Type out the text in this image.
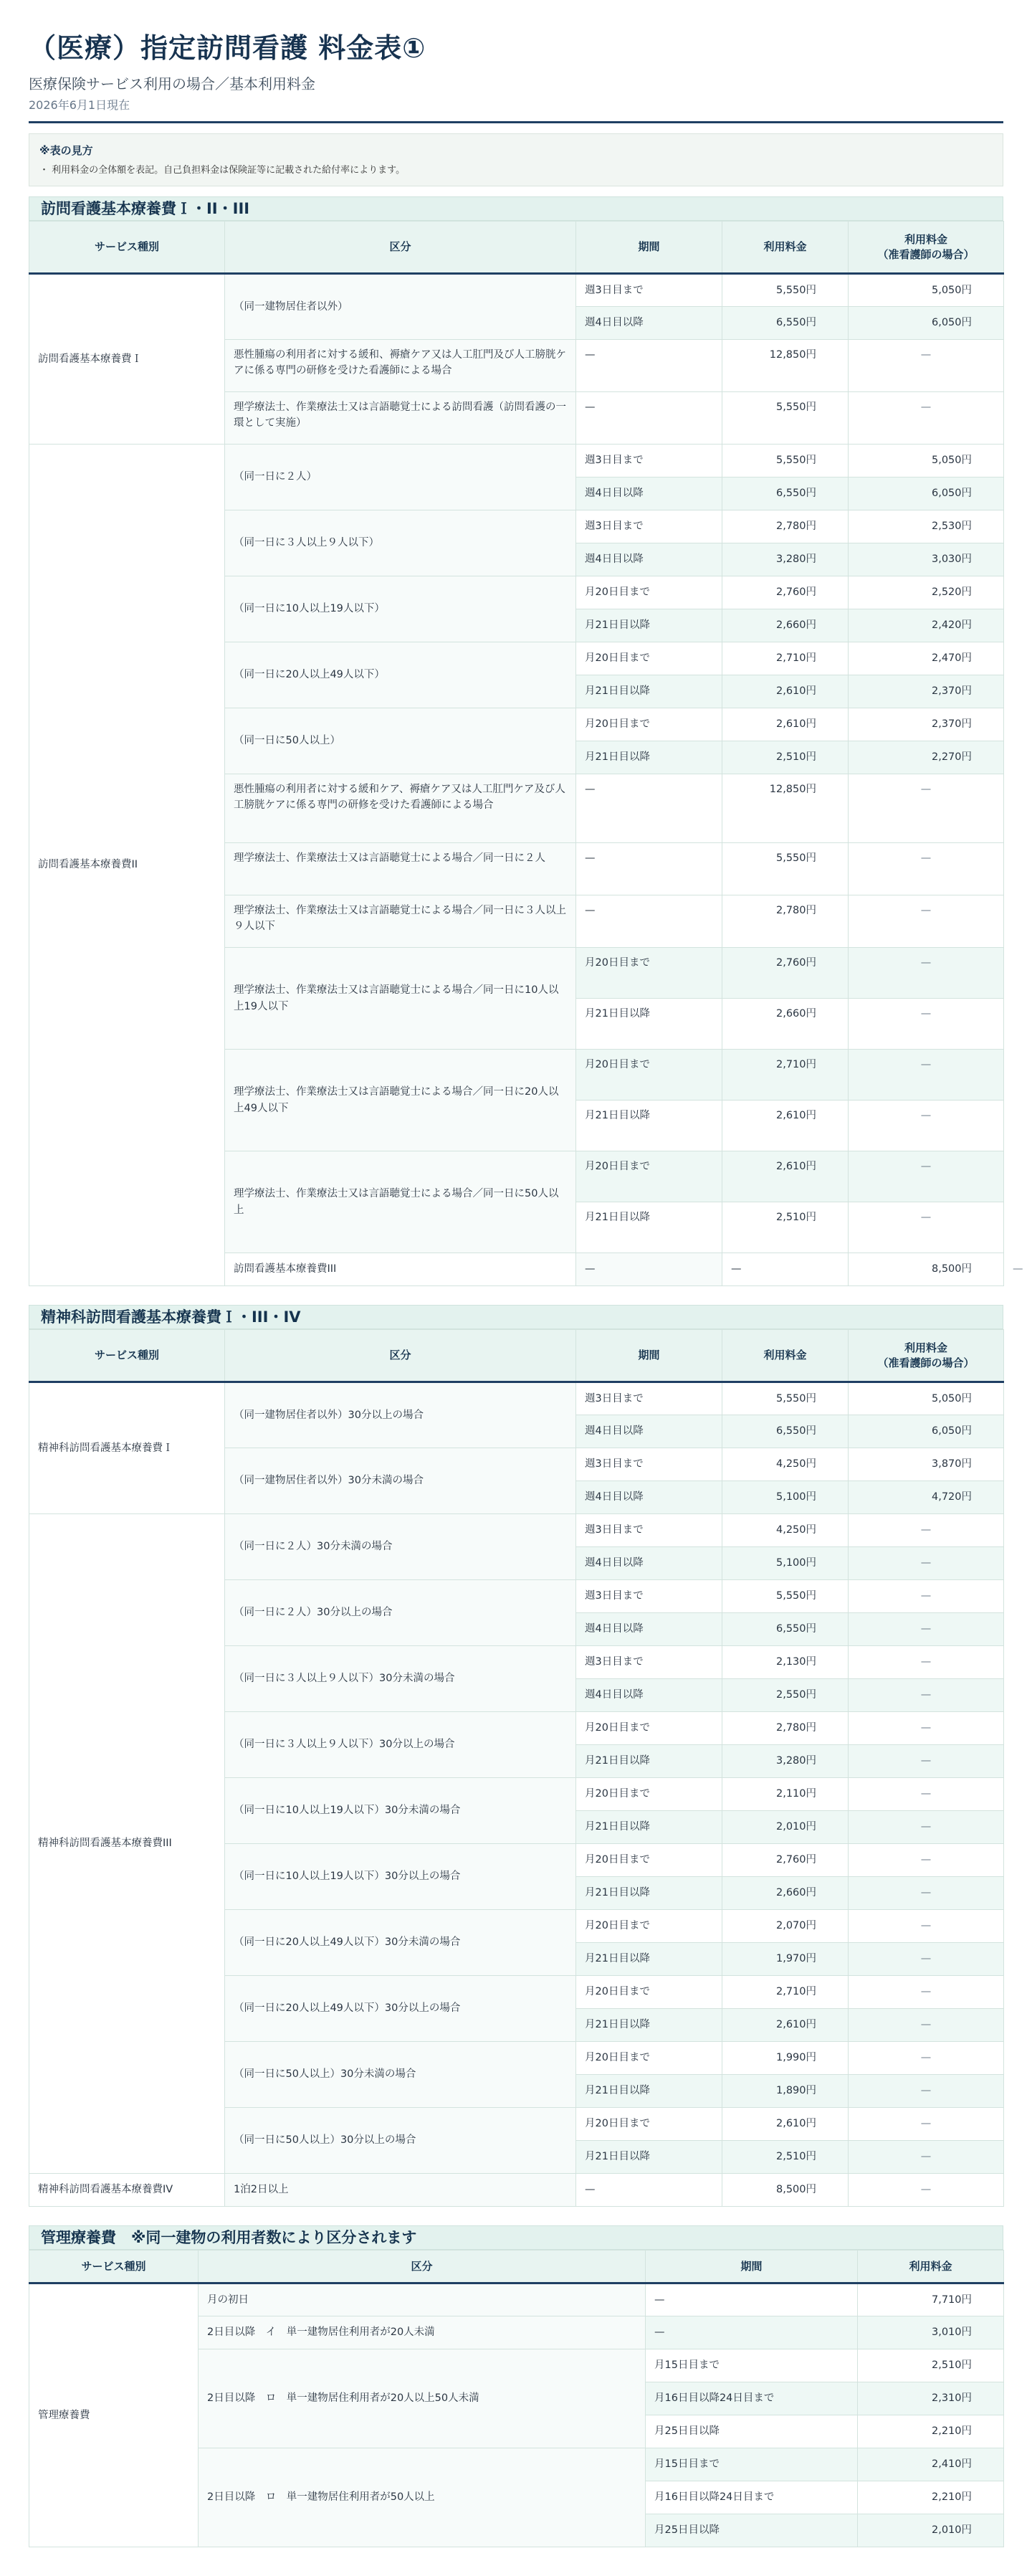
（医療）指定訪問看護 料金表①
医療保険サービス利用の場合／基本利用料金
2026年6月1日現在
※表の見方
・ 利用料金の全体額を表記。自己負担料金は保険証等に記載された給付率によります。
訪問看護基本療養費Ｉ・II・III
サービス種別	区分	期間	利用料金	利用料金
（准看護師の場合）	
訪問看護基本療養費Ｉ	（同一建物居住者以外）	週3日目まで	5,550円	5,050円	
		週4日目以降	6,550円	6,050円	
	悪性腫瘍の利用者に対する緩和、褥瘡ケア又は人工肛門及び人工膀胱ケアに係る専門の研修を受けた看護師による場合	—	12,850円	—	
	理学療法士、作業療法士又は言語聴覚士による訪問看護（訪問看護の一環として実施）	—	5,550円	—	
訪問看護基本療養費II	（同一日に２人）	週3日目まで	5,550円	5,050円	
		週4日目以降	6,550円	6,050円	
	（同一日に３人以上９人以下）	週3日目まで	2,780円	2,530円	
		週4日目以降	3,280円	3,030円	
	（同一日に10人以上19人以下）	月20日目まで	2,760円	2,520円	
		月21日目以降	2,660円	2,420円	
	（同一日に20人以上49人以下）	月20日目まで	2,710円	2,470円	
		月21日目以降	2,610円	2,370円	
	（同一日に50人以上）	月20日目まで	2,610円	2,370円	
		月21日目以降	2,510円	2,270円	
	悪性腫瘍の利用者に対する緩和ケア、褥瘡ケア又は人工肛門ケア及び人工膀胱ケアに係る専門の研修を受けた看護師による場合	—	12,850円	—	
	理学療法士、作業療法士又は言語聴覚士による場合／同一日に２人	—	5,550円	—	
	理学療法士、作業療法士又は言語聴覚士による場合／同一日に３人以上９人以下	—	2,780円	—	
	理学療法士、作業療法士又は言語聴覚士による場合／同一日に10人以上19人以下	月20日目まで	2,760円	—	
		月21日目以降	2,660円	—	
	理学療法士、作業療法士又は言語聴覚士による場合／同一日に20人以上49人以下	月20日目まで	2,710円	—	
		月21日目以降	2,610円	—	
	理学療法士、作業療法士又は言語聴覚士による場合／同一日に50人以上	月20日目まで	2,610円	—	
		月21日目以降	2,510円	—	
	訪問看護基本療養費III	—	—	8,500円	—
精神科訪問看護基本療養費Ｉ・III・IV
サービス種別	区分	期間	利用料金	利用料金
（准看護師の場合）
精神科訪問看護基本療養費Ｉ	（同一建物居住者以外）30分以上の場合	週3日目まで	5,550円	5,050円
		週4日目以降	6,550円	6,050円
	（同一建物居住者以外）30分未満の場合	週3日目まで	4,250円	3,870円
		週4日目以降	5,100円	4,720円
精神科訪問看護基本療養費III	（同一日に２人）30分未満の場合	週3日目まで	4,250円	—
		週4日目以降	5,100円	—
	（同一日に２人）30分以上の場合	週3日目まで	5,550円	—
		週4日目以降	6,550円	—
	（同一日に３人以上９人以下）30分未満の場合	週3日目まで	2,130円	—
		週4日目以降	2,550円	—
	（同一日に３人以上９人以下）30分以上の場合	月20日目まで	2,780円	—
		月21日目以降	3,280円	—
	（同一日に10人以上19人以下）30分未満の場合	月20日目まで	2,110円	—
		月21日目以降	2,010円	—
	（同一日に10人以上19人以下）30分以上の場合	月20日目まで	2,760円	—
		月21日目以降	2,660円	—
	（同一日に20人以上49人以下）30分未満の場合	月20日目まで	2,070円	—
		月21日目以降	1,970円	—
	（同一日に20人以上49人以下）30分以上の場合	月20日目まで	2,710円	—
		月21日目以降	2,610円	—
	（同一日に50人以上）30分未満の場合	月20日目まで	1,990円	—
		月21日目以降	1,890円	—
	（同一日に50人以上）30分以上の場合	月20日目まで	2,610円	—
		月21日目以降	2,510円	—
精神科訪問看護基本療養費IV	1泊2日以上	—	8,500円	—
管理療養費　※同一建物の利用者数により区分されます
サービス種別	区分	期間	利用料金
管理療養費	月の初日	—	7,710円
	2日目以降　イ　単一建物居住利用者が20人未満	—	3,010円
	2日目以降　ロ　単一建物居住利用者が20人以上50人未満	月15日目まで	2,510円
		月16日目以降24日目まで	2,310円
		月25日目以降	2,210円
	2日目以降　ロ　単一建物居住利用者が50人以上	月15日目まで	2,410円
		月16日目以降24日目まで	2,210円
		月25日目以降	2,010円
